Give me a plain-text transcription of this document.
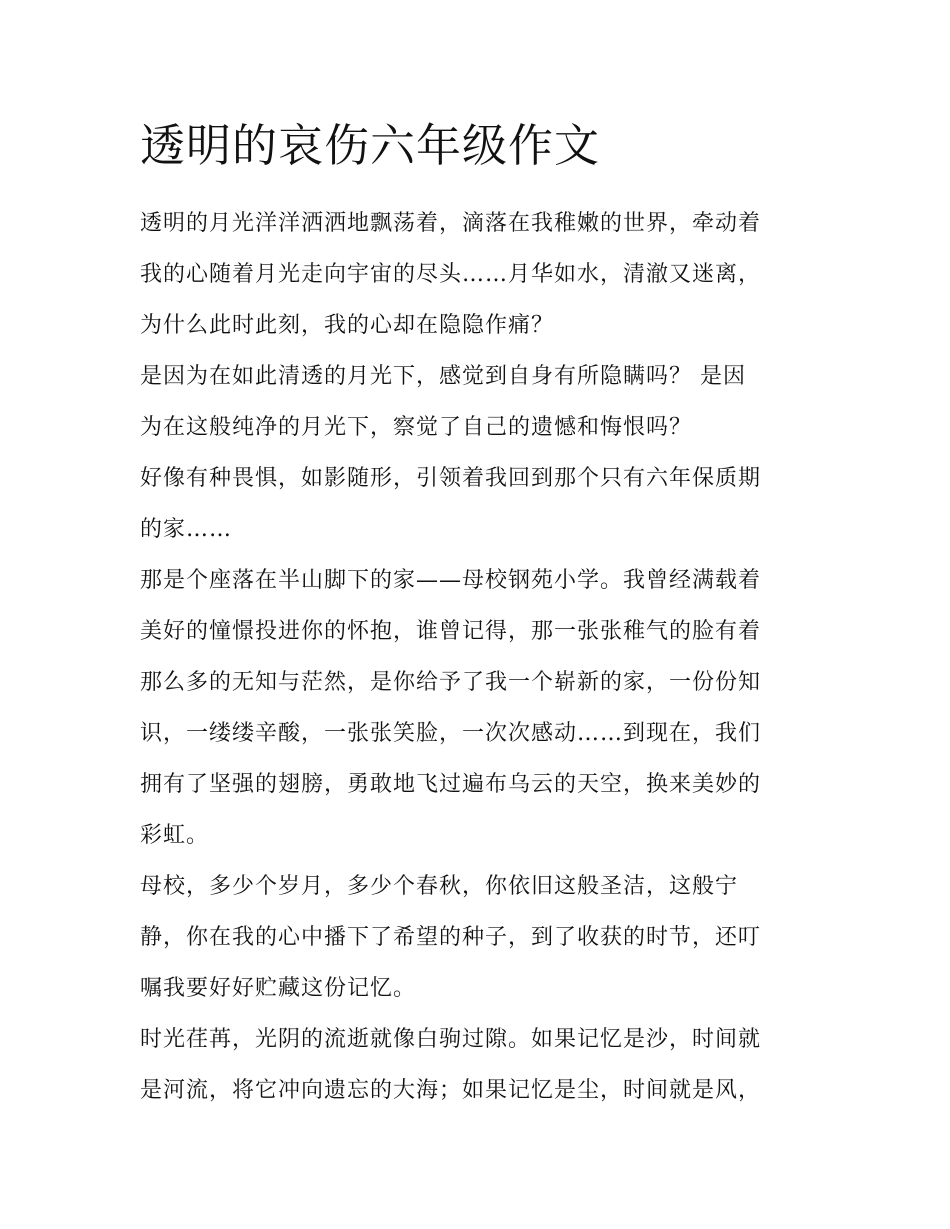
透明的哀伤六年级作文
透明的月光洋洋洒洒地飘荡着，滴落在我稚嫩的世界，牵动着
我的心随着月光走向宇宙的尽头……月华如水，清澈又迷离，
为什么此时此刻，我的心却在隐隐作痛？
是因为在如此清透的月光下，感觉到自身有所隐瞒吗？ 是因
为在这般纯净的月光下，察觉了自己的遗憾和悔恨吗？
好像有种畏惧，如影随形，引领着我回到那个只有六年保质期
的家……
那是个座落在半山脚下的家——母校钢苑小学。我曾经满载着
美好的憧憬投进你的怀抱，谁曾记得，那一张张稚气的脸有着
那么多的无知与茫然，是你给予了我一个崭新的家，一份份知
识，一缕缕辛酸，一张张笑脸，一次次感动……到现在，我们
拥有了坚强的翅膀，勇敢地飞过遍布乌云的天空，换来美妙的
彩虹。
母校，多少个岁月，多少个春秋，你依旧这般圣洁，这般宁
静，你在我的心中播下了希望的种子，到了收获的时节，还叮
嘱我要好好贮藏这份记忆。
时光荏苒，光阴的流逝就像白驹过隙。如果记忆是沙，时间就
是河流，将它冲向遗忘的大海；如果记忆是尘，时间就是风，
